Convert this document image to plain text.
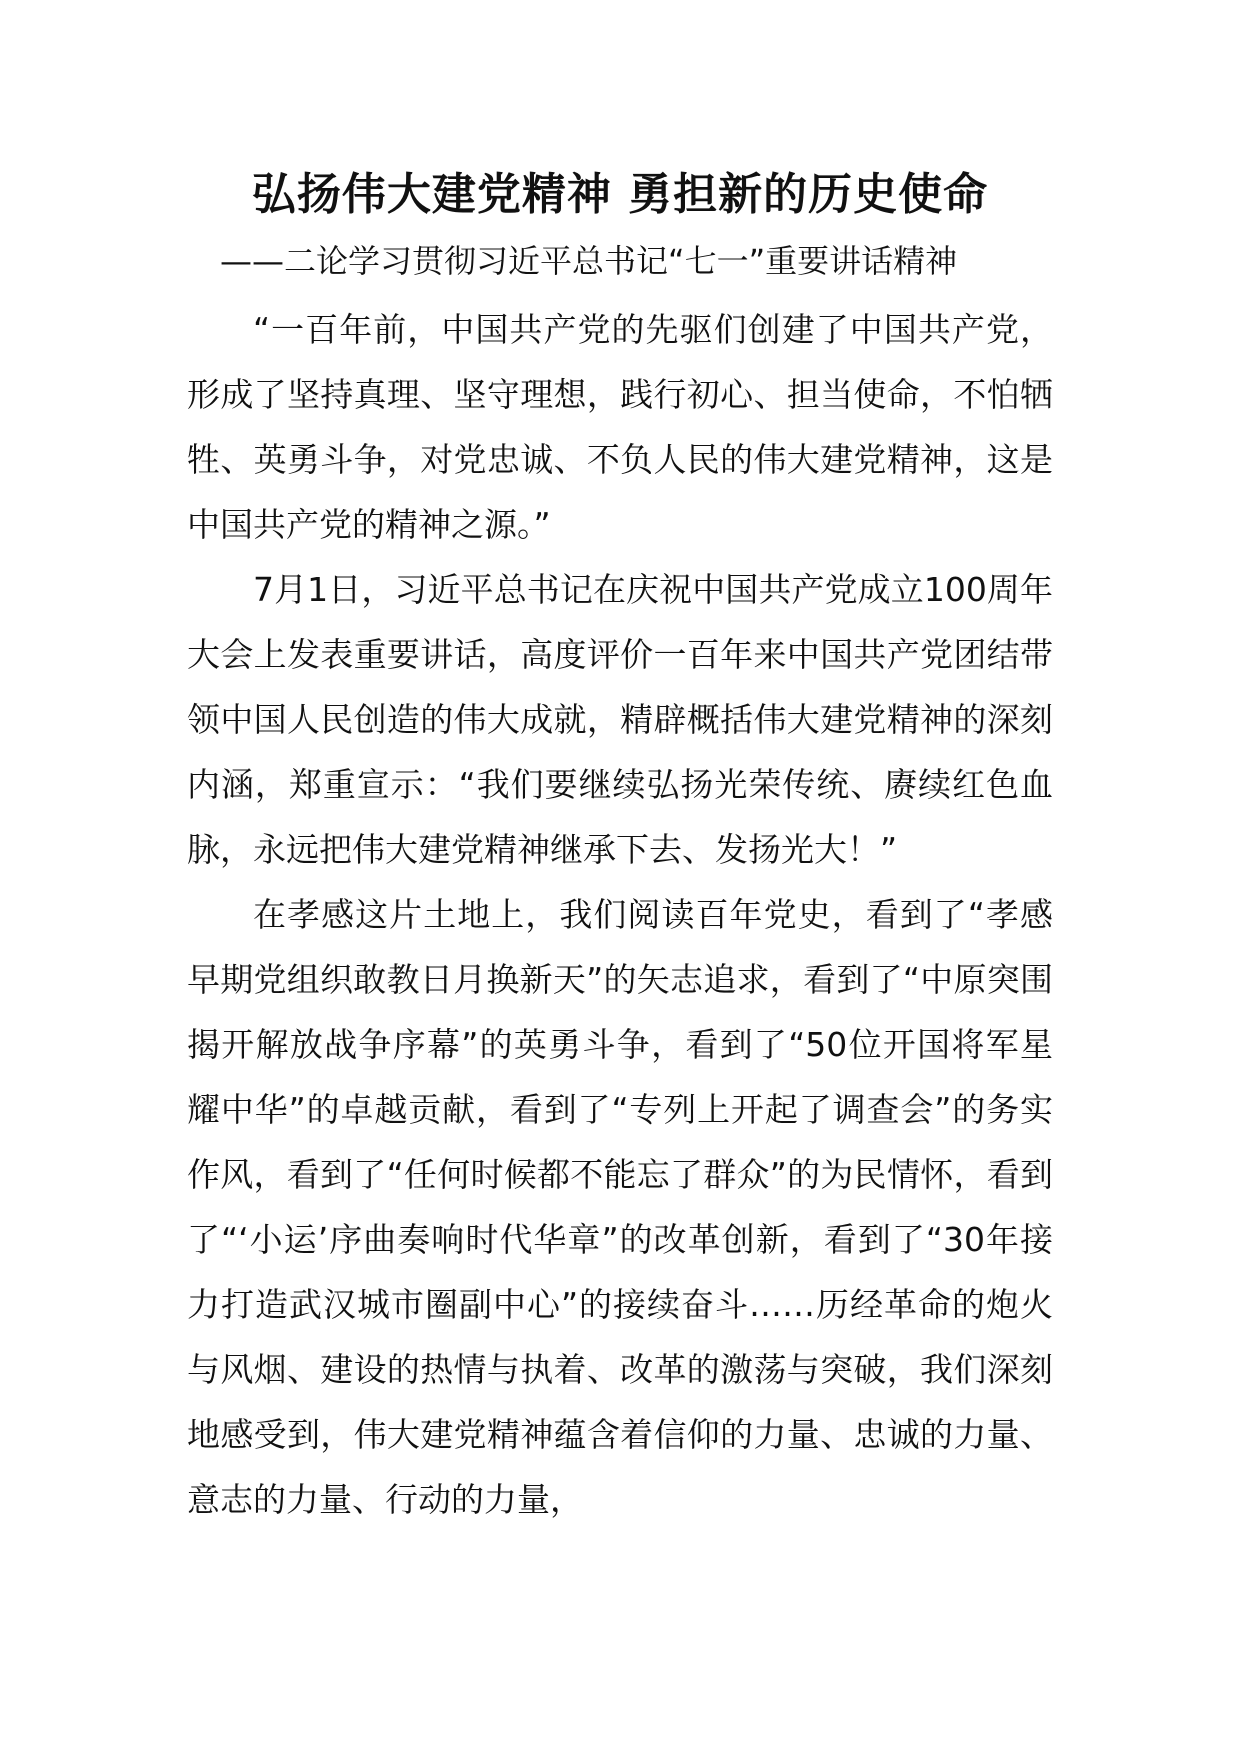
弘扬伟大建党精神 勇担新的历史使命

——二论学习贯彻习近平总书记“七一”重要讲话精神

“一百年前，中国共产党的先驱们创建了中国共产党，形成了坚持真理、坚守理想，践行初心、担当使命，不怕牺牲、英勇斗争，对党忠诚、不负人民的伟大建党精神，这是中国共产党的精神之源。”

7月1日，习近平总书记在庆祝中国共产党成立100周年大会上发表重要讲话，高度评价一百年来中国共产党团结带领中国人民创造的伟大成就，精辟概括伟大建党精神的深刻内涵，郑重宣示：“我们要继续弘扬光荣传统、赓续红色血脉，永远把伟大建党精神继承下去、发扬光大！”

在孝感这片土地上，我们阅读百年党史，看到了“孝感早期党组织敢教日月换新天”的矢志追求，看到了“中原突围揭开解放战争序幕”的英勇斗争，看到了“50位开国将军星耀中华”的卓越贡献，看到了“专列上开起了调查会”的务实作风，看到了“任何时候都不能忘了群众”的为民情怀，看到了“‘小运’序曲奏响时代华章”的改革创新，看到了“30年接力打造武汉城市圈副中心”的接续奋斗……历经革命的炮火与风烟、建设的热情与执着、改革的激荡与突破，我们深刻地感受到，伟大建党精神蕴含着信仰的力量、忠诚的力量、意志的力量、行动的力量，
